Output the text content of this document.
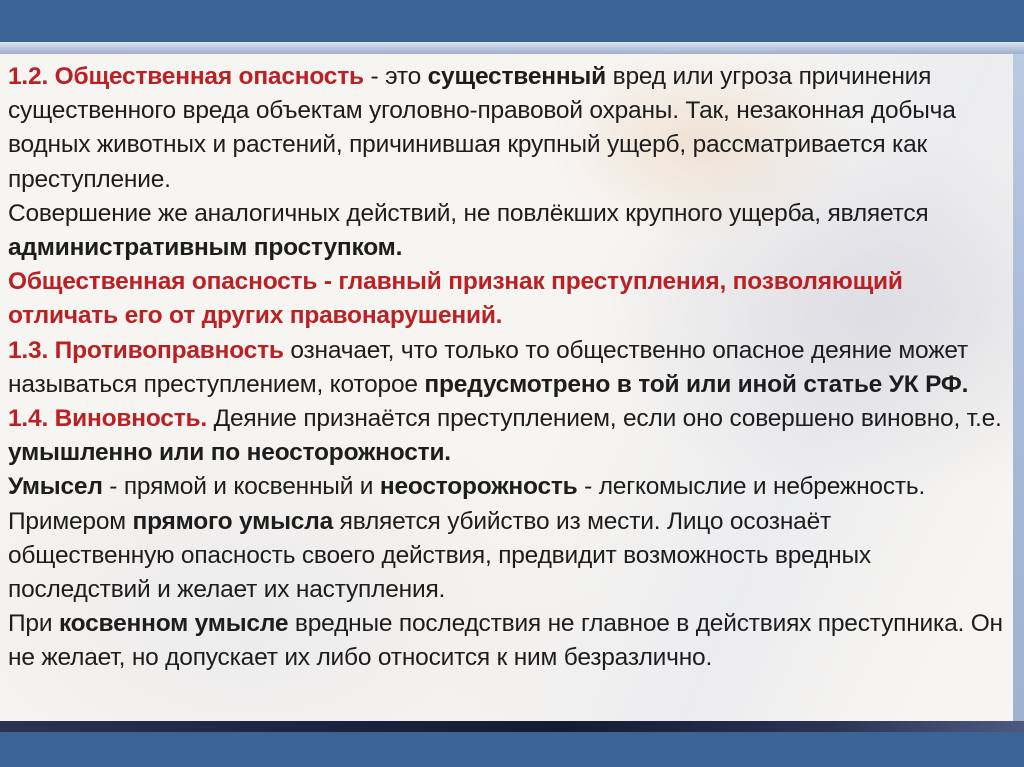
1.2. Общественная опасность - это существенный вред или угроза причинения существенного вреда объектам уголовно-правовой охраны. Так, незаконная добыча водных животных и растений, причинившая крупный ущерб, рассматривается как преступление.

Совершение же аналогичных действий, не повлёкших крупного ущерба, является административным проступком.

Общественная опасность - главный признак преступления, позволяющий отличать его от других правонарушений.

1.3. Противоправность означает, что только то общественно опасное деяние может называться преступлением, которое предусмотрено в той или иной статье УК РФ.

1.4. Виновность. Деяние признаётся преступлением, если оно совершено виновно, т.е. умышленно или по неосторожности.

Умысел - прямой и косвенный и неосторожность - легкомыслие и небрежность.

Примером прямого умысла является убийство из мести. Лицо осознаёт общественную опасность своего действия, предвидит возможность вредных последствий и желает их наступления.

При косвенном умысле вредные последствия не главное в действиях преступника. Он не желает, но допускает их либо относится к ним безразлично.
